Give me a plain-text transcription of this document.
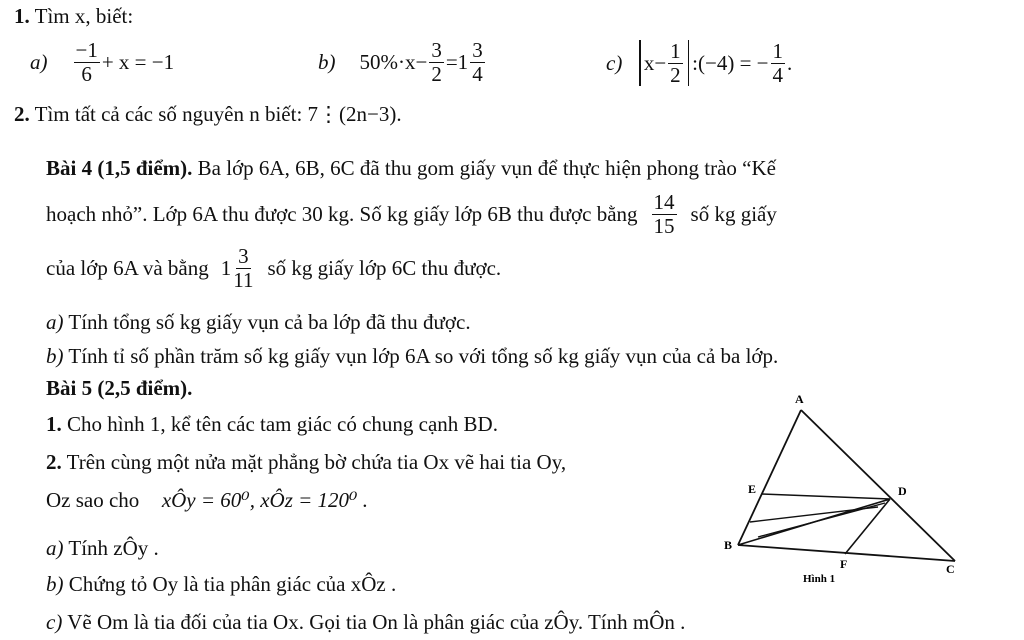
1. Tìm x, biết:
$a) \frac{-1}{6} + x = -1$	b) $50\%\cdot x- \frac{3}{2} =1 \frac{3}{4}$	c) $x- \frac{1}{2}$ :(−4) = − $\frac{1}{4}$ .
2. Tìm tất cả các số nguyên n biết: 7⋮(2n−3).
Bài 4 (1,5 điểm). Ba lớp 6A, 6B, 6C đã thu gom giấy vụn để thực hiện phong trào “Kế
hoạch nhỏ”. Lớp 6A thu được 30 kg. Số kg giấy lớp 6B thu được bằng $\frac{14}{15}$ số kg giấy
của lớp 6A và bằng $1 \frac{3}{11}$ số kg giấy lớp 6C thu được.
a) Tính tổng số kg giấy vụn cả ba lớp đã thu được.
b) Tính tỉ số phần trăm số kg giấy vụn lớp 6A so với tổng số kg giấy vụn của cả ba lớp.
Bài 5 (2,5 điểm).
1. Cho hình 1, kể tên các tam giác có chung cạnh BD.
2. Trên cùng một nửa mặt phẳng bờ chứa tia Ox vẽ hai tia Oy,
Oz sao cho xÔy = 60⁰, xÔz = 120⁰ .
a) Tính zÔy .
b) Chứng tỏ Oy là tia phân giác của xÔz .
c) Vẽ Om là tia đối của tia Ox. Gọi tia On là phân giác của zÔy. Tính mÔn .
A
E	D
B
F	C
Hình 1
